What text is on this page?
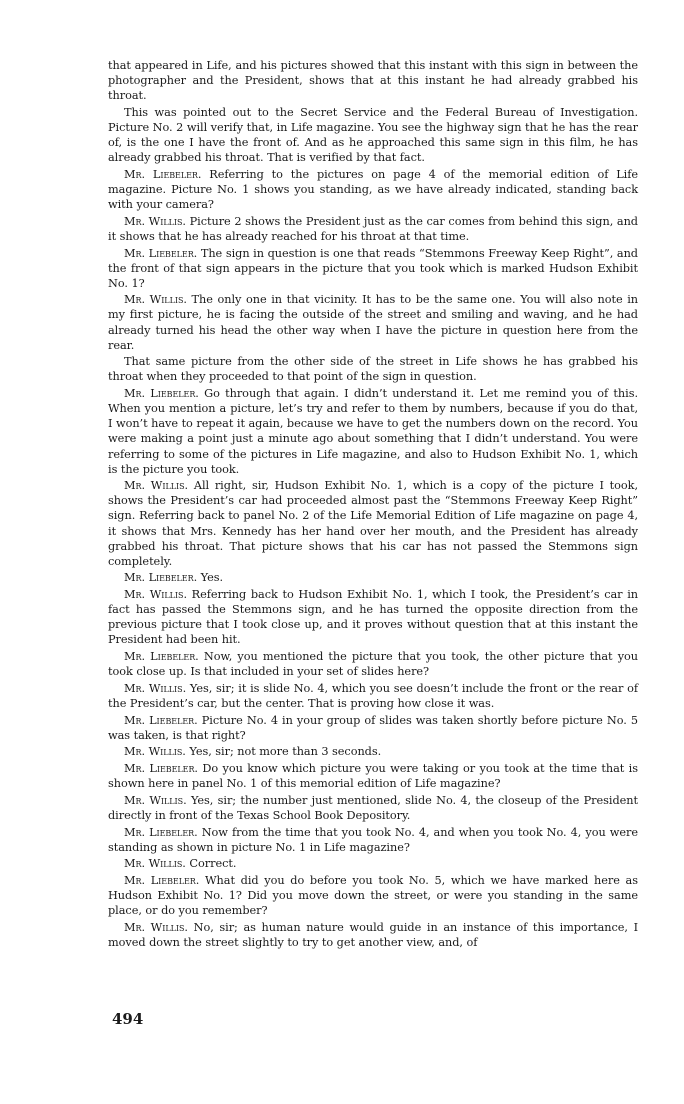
that appeared in Life, and his pictures showed that this instant with this sign in between the photographer and the President, shows that at this instant he had already grabbed his throat.

This was pointed out to the Secret Service and the Federal Bureau of Investigation. Picture No. 2 will verify that, in Life magazine. You see the highway sign that he has the rear of, is the one I have the front of. And as he approached this same sign in this film, he has already grabbed his throat. That is verified by that fact.

Mr. Liebeler. Referring to the pictures on page 4 of the memorial edition of Life magazine. Picture No. 1 shows you standing, as we have already indicated, standing back with your camera?

Mr. Willis. Picture 2 shows the President just as the car comes from behind this sign, and it shows that he has already reached for his throat at that time.

Mr. Liebeler. The sign in question is one that reads “Stemmons Freeway Keep Right”, and the front of that sign appears in the picture that you took which is marked Hudson Exhibit No. 1?

Mr. Willis. The only one in that vicinity. It has to be the same one. You will also note in my first picture, he is facing the outside of the street and smiling and waving, and he had already turned his head the other way when I have the picture in question here from the rear.

That same picture from the other side of the street in Life shows he has grabbed his throat when they proceeded to that point of the sign in question.

Mr. Liebeler. Go through that again. I didn’t understand it. Let me remind you of this. When you mention a picture, let’s try and refer to them by numbers, because if you do that, I won’t have to repeat it again, because we have to get the numbers down on the record. You were making a point just a minute ago about something that I didn’t understand. You were referring to some of the pictures in Life magazine, and also to Hudson Exhibit No. 1, which is the picture you took.

Mr. Willis. All right, sir, Hudson Exhibit No. 1, which is a copy of the picture I took, shows the President’s car had proceeded almost past the “Stemmons Freeway Keep Right” sign. Referring back to panel No. 2 of the Life Memorial Edition of Life magazine on page 4, it shows that Mrs. Kennedy has her hand over her mouth, and the President has already grabbed his throat. That picture shows that his car has not passed the Stemmons sign completely.

Mr. Liebeler. Yes.

Mr. Willis. Referring back to Hudson Exhibit No. 1, which I took, the President’s car in fact has passed the Stemmons sign, and he has turned the opposite direction from the previous picture that I took close up, and it proves without question that at this instant the President had been hit.

Mr. Liebeler. Now, you mentioned the picture that you took, the other picture that you took close up. Is that included in your set of slides here?

Mr. Willis. Yes, sir; it is slide No. 4, which you see doesn’t include the front or the rear of the President’s car, but the center. That is proving how close it was.

Mr. Liebeler. Picture No. 4 in your group of slides was taken shortly before picture No. 5 was taken, is that right?

Mr. Willis. Yes, sir; not more than 3 seconds.

Mr. Liebeler. Do you know which picture you were taking or you took at the time that is shown here in panel No. 1 of this memorial edition of Life magazine?

Mr. Willis. Yes, sir; the number just mentioned, slide No. 4, the closeup of the President directly in front of the Texas School Book Depository.

Mr. Liebeler. Now from the time that you took No. 4, and when you took No. 4, you were standing as shown in picture No. 1 in Life magazine?

Mr. Willis. Correct.

Mr. Liebeler. What did you do before you took No. 5, which we have marked here as Hudson Exhibit No. 1? Did you move down the street, or were you standing in the same place, or do you remember?

Mr. Willis. No, sir; as human nature would guide in an instance of this importance, I moved down the street slightly to try to get another view, and, of

494
